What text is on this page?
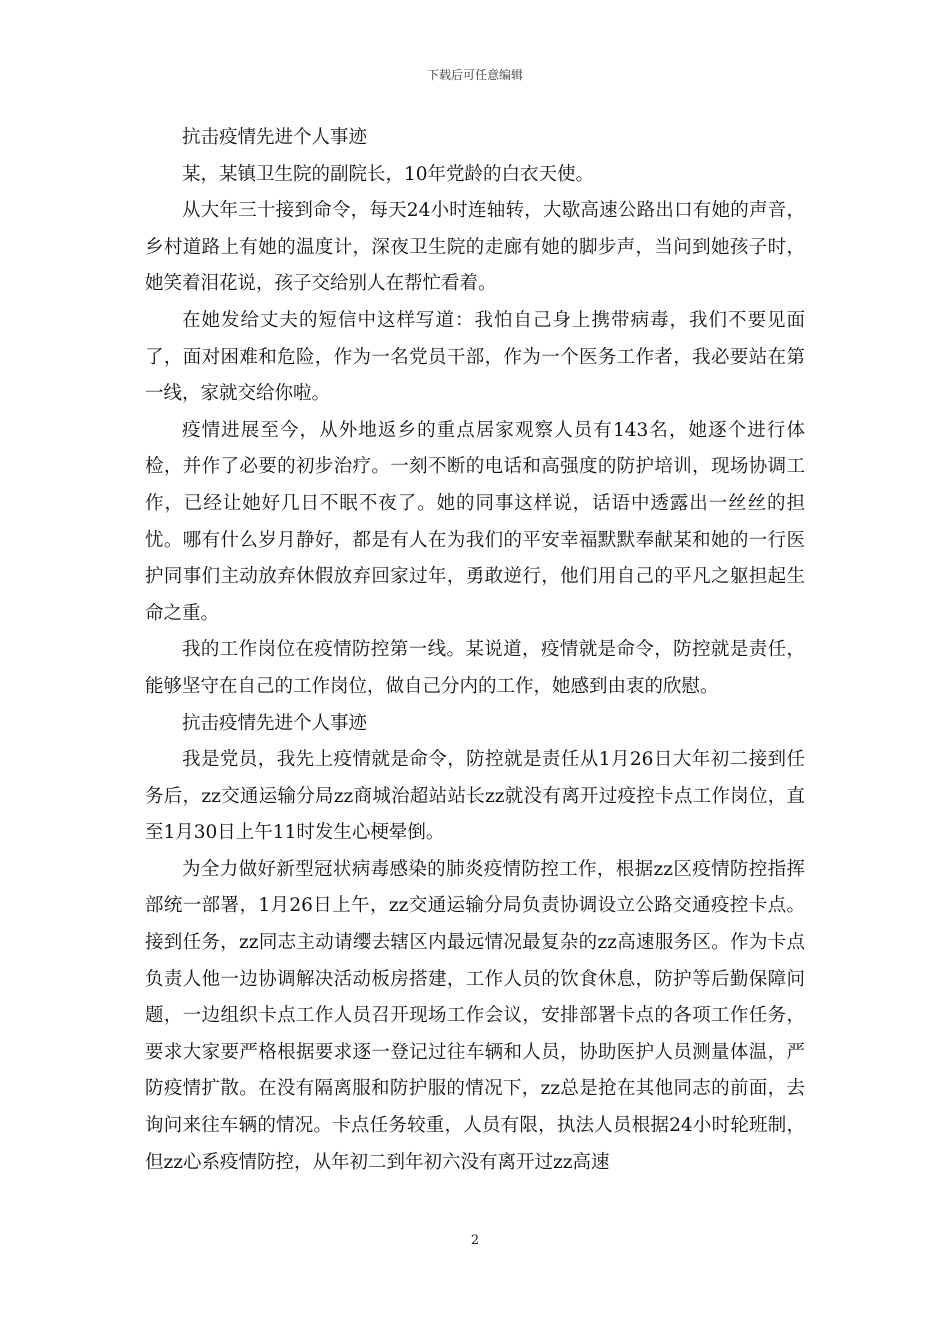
下载后可任意编辑

抗击疫情先进个人事迹

某，某镇卫生院的副院长，10年党龄的白衣天使。

从大年三十接到命令，每天24小时连轴转，大歇高速公路出口有她的声音，乡村道路上有她的温度计，深夜卫生院的走廊有她的脚步声，当问到她孩子时，她笑着泪花说，孩子交给别人在帮忙看着。

在她发给丈夫的短信中这样写道：我怕自己身上携带病毒，我们不要见面了，面对困难和危险，作为一名党员干部，作为一个医务工作者，我必要站在第一线，家就交给你啦。

疫情进展至今，从外地返乡的重点居家观察人员有143名，她逐个进行体检，并作了必要的初步治疗。一刻不断的电话和高强度的防护培训，现场协调工作，已经让她好几日不眠不夜了。她的同事这样说，话语中透露出一丝丝的担忧。哪有什么岁月静好，都是有人在为我们的平安幸福默默奉献某和她的一行医护同事们主动放弃休假放弃回家过年，勇敢逆行，他们用自己的平凡之躯担起生命之重。

我的工作岗位在疫情防控第一线。某说道，疫情就是命令，防控就是责任，能够坚守在自己的工作岗位，做自己分内的工作，她感到由衷的欣慰。

抗击疫情先进个人事迹

我是党员，我先上疫情就是命令，防控就是责任从1月26日大年初二接到任务后，zz交通运输分局zz商城治超站站长zz就没有离开过疫控卡点工作岗位，直至1月30日上午11时发生心梗晕倒。

为全力做好新型冠状病毒感染的肺炎疫情防控工作，根据zz区疫情防控指挥部统一部署，1月26日上午，zz交通运输分局负责协调设立公路交通疫控卡点。接到任务，zz同志主动请缨去辖区内最远情况最复杂的zz高速服务区。作为卡点负责人他一边协调解决活动板房搭建，工作人员的饮食休息，防护等后勤保障问题，一边组织卡点工作人员召开现场工作会议，安排部署卡点的各项工作任务，要求大家要严格根据要求逐一登记过往车辆和人员，协助医护人员测量体温，严防疫情扩散。在没有隔离服和防护服的情况下，zz总是抢在其他同志的前面，去询问来往车辆的情况。卡点任务较重，人员有限，执法人员根据24小时轮班制，但zz心系疫情防控，从年初二到年初六没有离开过zz高速

2
